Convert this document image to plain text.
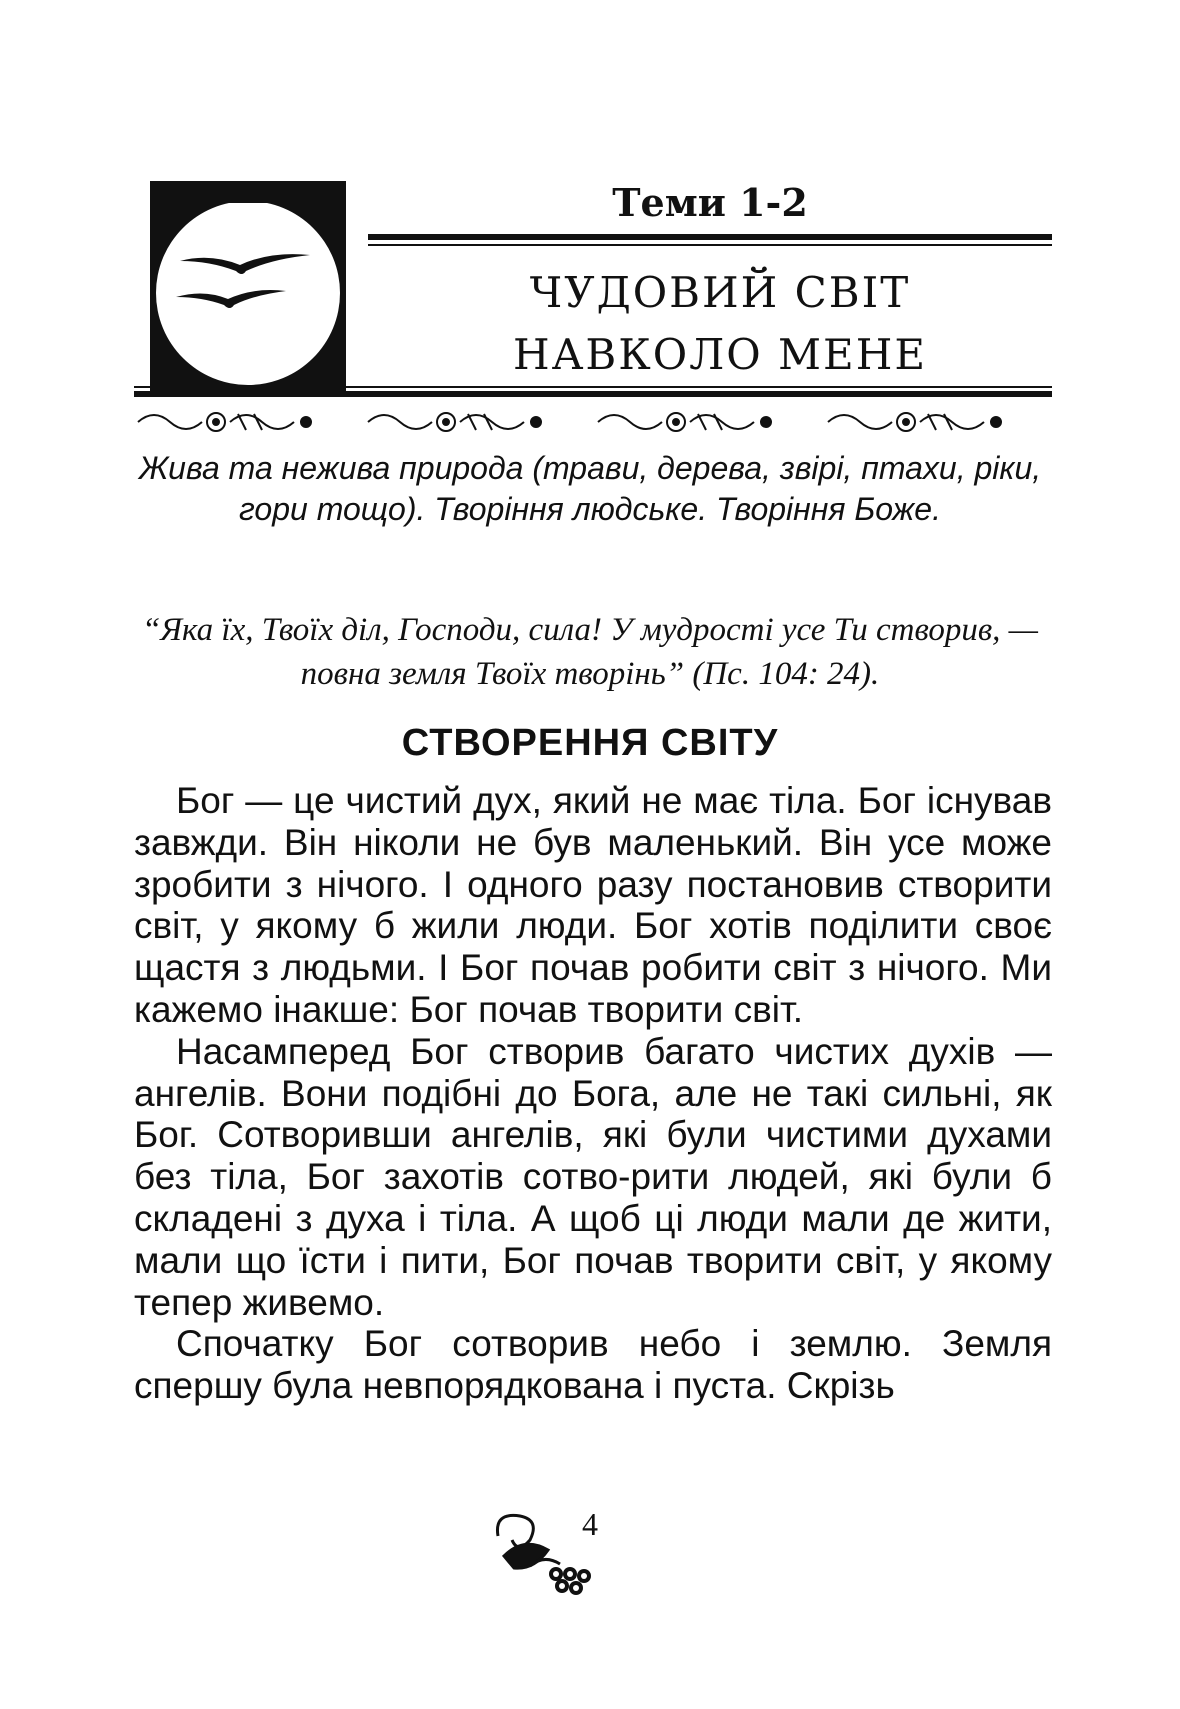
Теми 1-2
ЧУДОВИЙ СВІТ
НАВКОЛО МЕНЕ
Жива та нежива природа (трави, дерева, звірі, птахи, ріки, гори тощо). Творіння людське. Творіння Боже.
“Яка їх, Твоїх діл, Господи, сила! У мудрості усе Ти створив, — повна земля Твоїх творінь” (Пс. 104: 24).
СТВОРЕННЯ СВІТУ

Бог — це чистий дух, який не має тіла. Бог існував завжди. Він ніколи не був маленький. Він усе може зробити з нічого. І одного разу постановив створити світ, у якому б жили люди. Бог хотів поділити своє щастя з людьми. І Бог почав робити світ з нічого. Ми кажемо інакше: Бог почав творити світ.

Насамперед Бог створив багато чистих духів — ангелів. Вони подібні до Бога, але не такі сильні, як Бог. Сотворивши ангелів, які були чистими духами без тіла, Бог захотів сотво-рити людей, які були б складені з духа і тіла. А щоб ці люди мали де жити, мали що їсти і пити, Бог почав творити світ, у якому тепер живемо.

Спочатку Бог сотворив небо і землю. Земля спершу була невпорядкована і пуста. Скрізь

4
